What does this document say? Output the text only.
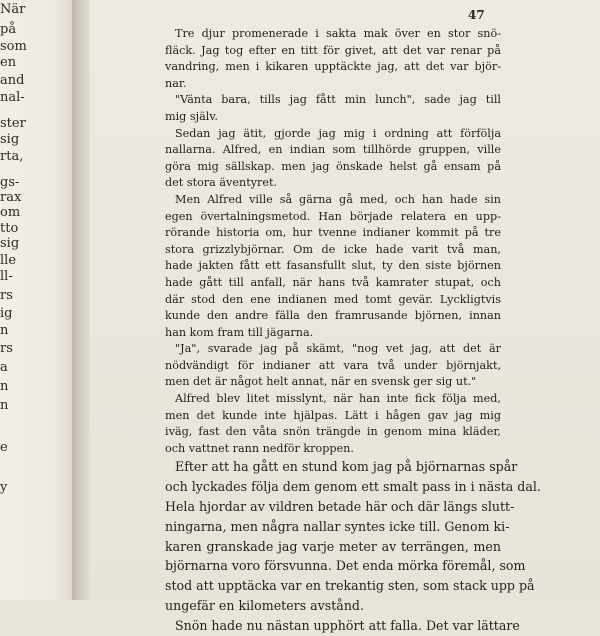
När
på
som
en
and
nal-
ster
sig
rta,
gs-
rax
om
tto
sig
lle
ll-
rs
ig
n
rs
a
n
n
e
y
47
Tre djur promenerade i sakta mak över en stor snö-
fläck. Jag tog efter en titt för givet, att det var renar på
vandring, men i kikaren upptäckte jag, att det var björ-
nar.
"Vänta bara, tills jag fått min lunch", sade jag till
mig själv.
Sedan jag ätit, gjorde jag mig i ordning att förfölja
nallarna. Alfred, en indian som tillhörde gruppen, ville
göra mig sällskap. men jag önskade helst gå ensam på
det stora äventyret.
Men Alfred ville så gärna gå med, och han hade sin
egen övertalningsmetod. Han började relatera en upp-
rörande historia om, hur tvenne indianer kommit på tre
stora grizzlybjörnar. Om de icke hade varit två man,
hade jakten fått ett fasansfullt slut, ty den siste björnen
hade gått till anfall, när hans två kamrater stupat, och
där stod den ene indianen med tomt gevär. Lyckligtvis
kunde den andre fälla den framrusande björnen, innan
han kom fram till jägarna.
"Ja", svarade jag på skämt, "nog vet jag, att det är
nödvändigt för indianer att vara två under björnjakt,
men det är något helt annat, när en svensk ger sig ut."
Alfred blev litet misslynt, när han inte fick följa med,
men det kunde inte hjälpas. Lätt i hågen gav jag mig
iväg, fast den våta snön trängde in genom mina kläder,
och vattnet rann nedför kroppen.
Efter att ha gått en stund kom jag på björnarnas spår
och lyckades följa dem genom ett smalt pass in i nästa dal.
Hela hjordar av vildren betade här och där längs slutt-
ningarna, men några nallar syntes icke till. Genom ki-
karen granskade jag varje meter av terrängen, men
björnarna voro försvunna. Det enda mörka föremål, som
stod att upptäcka var en trekantig sten, som stack upp på
ungefär en kilometers avstånd.
Snön hade nu nästan upphört att falla. Det var lättare
